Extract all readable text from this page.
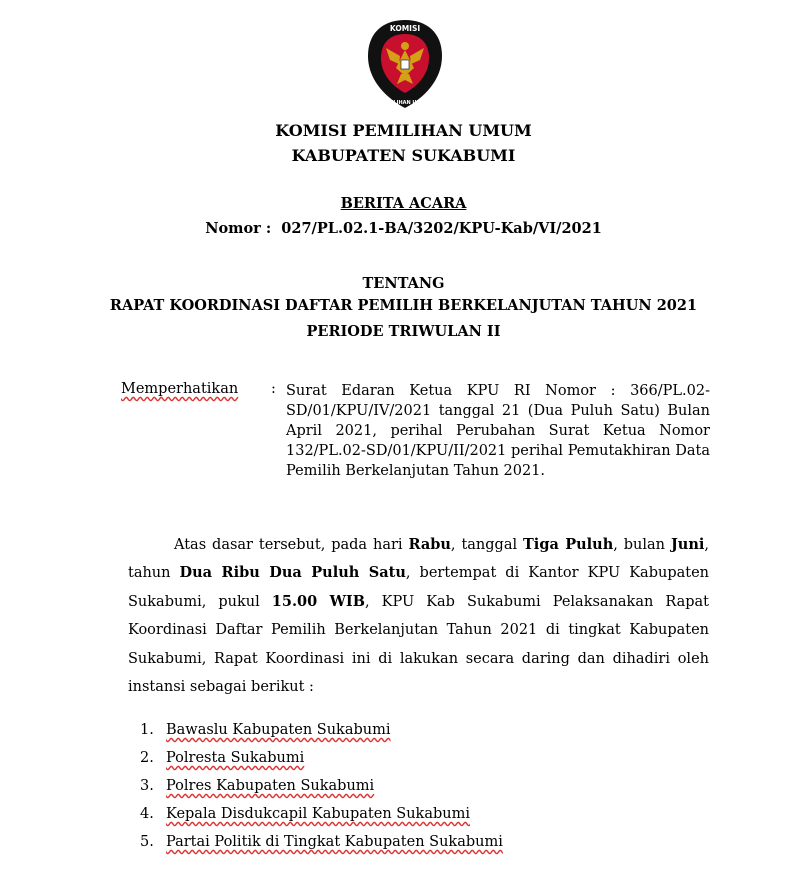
KOMISI
PEMILIHAN UMUM
KOMISI PEMILIHAN UMUM
KABUPATEN SUKABUMI
BERITA ACARA
Nomor : 027/PL.02.1-BA/3202/KPU-Kab/VI/2021
TENTANG
RAPAT KOORDINASI DAFTAR PEMILIH BERKELANJUTAN TAHUN 2021
PERIODE TRIWULAN II
Memperhatikan : Surat Edaran Ketua KPU RI Nomor : 366/PL.02-SD/01/KPU/IV/2021 tanggal 21 (Dua Puluh Satu) Bulan April 2021, perihal Perubahan Surat Ketua Nomor 132/PL.02-SD/01/KPU/II/2021 perihal Pemutakhiran Data Pemilih Berkelanjutan Tahun 2021.
Atas dasar tersebut, pada hari Rabu, tanggal Tiga Puluh, bulan Juni, tahun Dua Ribu Dua Puluh Satu, bertempat di Kantor KPU Kabupaten Sukabumi, pukul 15.00 WIB, KPU Kab Sukabumi Pelaksanakan Rapat Koordinasi Daftar Pemilih Berkelanjutan Tahun 2021 di tingkat Kabupaten Sukabumi, Rapat Koordinasi ini di lakukan secara daring dan dihadiri oleh instansi sebagai berikut :
1. Bawaslu Kabupaten Sukabumi
2. Polresta Sukabumi
3. Polres Kabupaten Sukabumi
4. Kepala Disdukcapil Kabupaten Sukabumi
5. Partai Politik di Tingkat Kabupaten Sukabumi
